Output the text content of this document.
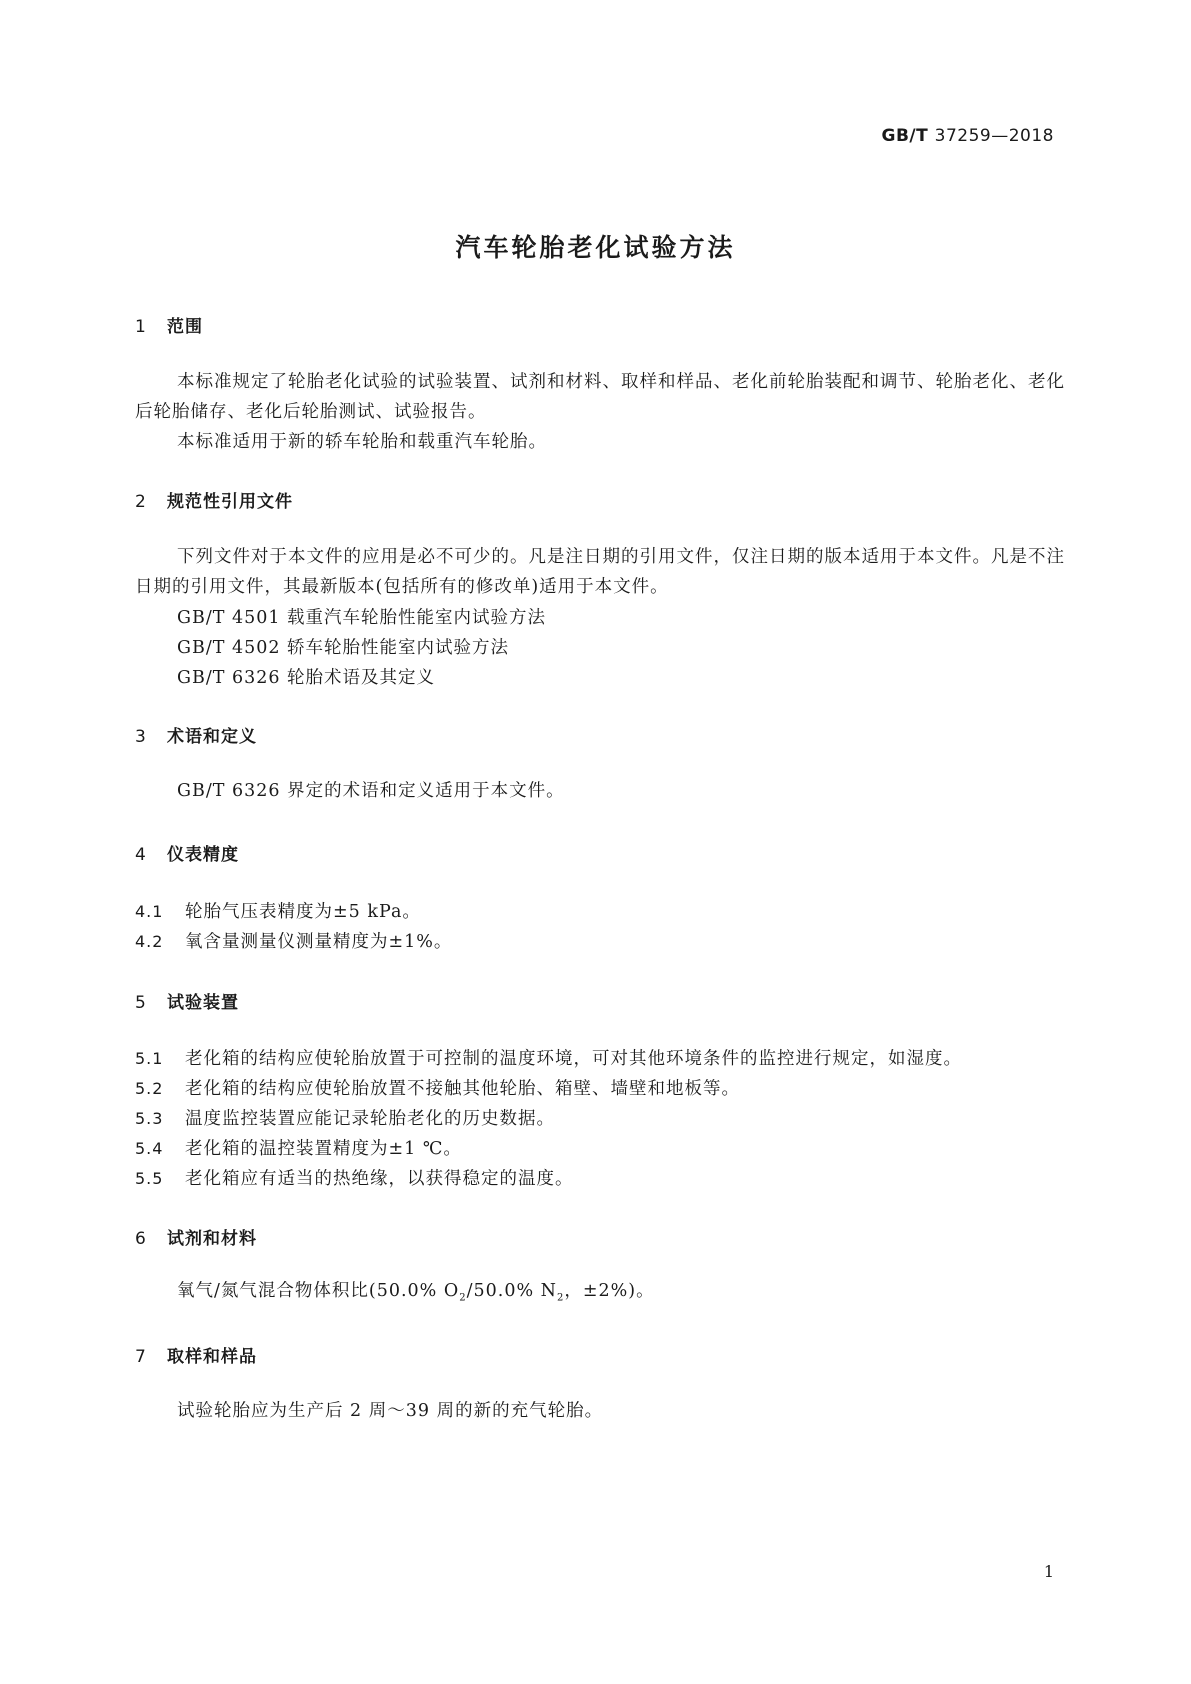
GB/T 37259—2018
汽车轮胎老化试验方法
1 范围
本标准规定了轮胎老化试验的试验装置、试剂和材料、取样和样品、老化前轮胎装配和调节、轮胎老化、老化后轮胎储存、老化后轮胎测试、试验报告。
本标准适用于新的轿车轮胎和载重汽车轮胎。
2 规范性引用文件
下列文件对于本文件的应用是必不可少的。凡是注日期的引用文件，仅注日期的版本适用于本文件。凡是不注日期的引用文件，其最新版本(包括所有的修改单)适用于本文件。
GB/T 4501 载重汽车轮胎性能室内试验方法
GB/T 4502 轿车轮胎性能室内试验方法
GB/T 6326 轮胎术语及其定义
3 术语和定义
GB/T 6326 界定的术语和定义适用于本文件。
4 仪表精度
4.1 轮胎气压表精度为±5 kPa。
4.2 氧含量测量仪测量精度为±1%。
5 试验装置
5.1 老化箱的结构应使轮胎放置于可控制的温度环境，可对其他环境条件的监控进行规定，如湿度。
5.2 老化箱的结构应使轮胎放置不接触其他轮胎、箱壁、墙壁和地板等。
5.3 温度监控装置应能记录轮胎老化的历史数据。
5.4 老化箱的温控装置精度为±1 ℃。
5.5 老化箱应有适当的热绝缘，以获得稳定的温度。
6 试剂和材料
氧气/氮气混合物体积比(50.0% $O_2/50.0\%$ $N_2$，±2%)。
7 取样和样品
试验轮胎应为生产后 2 周～39 周的新的充气轮胎。
1
